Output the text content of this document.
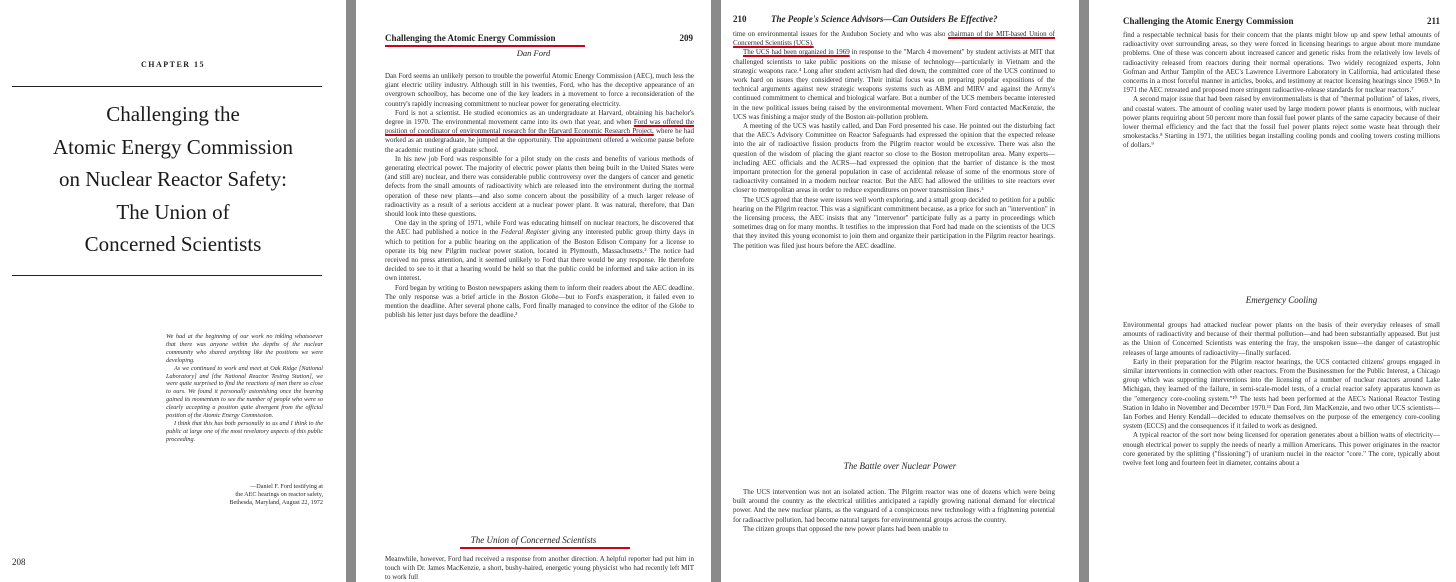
CHAPTER 15
Challenging the
Atomic Energy Commission
on Nuclear Reactor Safety:
The Union of
Concerned Scientists

We had at the beginning of our work no inkling whatsoever that there was anyone within the depths of the nuclear community who shared anything like the positions we were developing.

As we continued to work and meet at Oak Ridge [National Laboratory] and [the National Reactor Testing Station], we were quite surprised to find the reactions of men there so close to ours. We found it personally astonishing once the hearing gained its momentum to see the number of people who were so clearly accepting a position quite divergent from the official position of the Atomic Energy Commission.

I think that this has both personally to us and I think to the public at large one of the most revelatory aspects of this public proceeding.

—Daniel F. Ford testifying at
the AEC hearings on reactor safety,
Bethesda, Maryland, August 22, 1972
208
Challenging the Atomic Energy Commission	209
Dan Ford

Dan Ford seems an unlikely person to trouble the powerful Atomic Energy Commission (AEC), much less the giant electric utility industry. Although still in his twenties, Ford, who has the deceptive appearance of an overgrown schoolboy, has become one of the key leaders in a movement to force a reconsideration of the country's rapidly increasing commitment to nuclear power for generating electricity.

Ford is not a scientist. He studied economics as an undergraduate at Harvard, obtaining his bachelor's degree in 1970. The environmental movement came into its own that year, and when Ford was offered the position of coordinator of environmental research for the Harvard Economic Research Project, where he had worked as an undergraduate, he jumped at the opportunity. The appointment offered a welcome pause before the academic routine of graduate school.

In his new job Ford was responsible for a pilot study on the costs and benefits of various methods of generating electrical power. The majority of electric power plants then being built in the United States were (and still are) nuclear, and there was considerable public controversy over the dangers of cancer and genetic defects from the small amounts of radioactivity which are released into the environment during the normal operation of these new plants—and also some concern about the possibility of a much larger release of radioactivity as a result of a serious accident at a nuclear power plant. It was natural, therefore, that Dan should look into these questions.

One day in the spring of 1971, while Ford was educating himself on nuclear reactors, he discovered that the AEC had published a notice in the Federal Register giving any interested public group thirty days in which to petition for a public hearing on the application of the Boston Edison Company for a license to operate its big new Pilgrim nuclear power station, located in Plymouth, Massachusetts.² The notice had received no press attention, and it seemed unlikely to Ford that there would be any response. He therefore decided to see to it that a hearing would be held so that the public could be informed and take action in its own interest.

Ford began by writing to Boston newspapers asking them to inform their readers about the AEC deadline. The only response was a brief article in the Boston Globe—but to Ford's exasperation, it failed even to mention the deadline. After several phone calls, Ford finally managed to convince the editor of the Globe to publish his letter just days before the deadline.³

The Union of Concerned Scientists

Meanwhile, however, Ford had received a response from another direction. A helpful reporter had put him in touch with Dr. James MacKenzie, a short, bushy-haired, energetic young physicist who had recently left MIT to work full

210	The People's Science Advisors—Can Outsiders Be Effective?

time on environmental issues for the Audubon Society and who was also chairman of the MIT-based Union of Concerned Scientists (UCS).

The UCS had been organized in 1969 in response to the "March 4 movement" by student activists at MIT that challenged scientists to take public positions on the misuse of technology—particularly in Vietnam and the strategic weapons race.⁴ Long after student activism had died down, the committed core of the UCS continued to work hard on issues they considered timely. Their initial focus was on preparing popular expositions of the technical arguments against new strategic weapons systems such as ABM and MIRV and against the Army's continued commitment to chemical and biological warfare. But a number of the UCS members became interested in the new political issues being raised by the environmental movement. When Ford contacted MacKenzie, the UCS was finishing a major study of the Boston air-pollution problem.

A meeting of the UCS was hastily called, and Dan Ford presented his case. He pointed out the disturbing fact that the AEC's Advisory Committee on Reactor Safeguards had expressed the opinion that the expected release into the air of radioactive fission products from the Pilgrim reactor would be excessive. There was also the question of the wisdom of placing the giant reactor so close to the Boston metropolitan area. Many experts—including AEC officials and the ACRS—had expressed the opinion that the barrier of distance is the most important protection for the general population in case of accidental release of some of the enormous store of radioactivity contained in a modern nuclear reactor. But the AEC had allowed the utilities to site reactors ever closer to metropolitan areas in order to reduce expenditures on power transmission lines.⁵

The UCS agreed that these were issues well worth exploring, and a small group decided to petition for a public hearing on the Pilgrim reactor. This was a significant commitment because, as a price for such an "intervention" in the licensing process, the AEC insists that any "intervenor" participate fully as a party in proceedings which sometimes drag on for many months. It testifies to the impression that Ford had made on the scientists of the UCS that they invited this young economist to join them and organize their participation in the Pilgrim reactor hearings. The petition was filed just hours before the AEC deadline.

The Battle over Nuclear Power

The UCS intervention was not an isolated action. The Pilgrim reactor was one of dozens which were being built around the country as the electrical utilities anticipated a rapidly growing national demand for electrical power. And the new nuclear plants, as the vanguard of a conspicuous new technology with a frightening potential for radioactive pollution, had become natural targets for environmental groups across the country.

The citizen groups that opposed the new power plants had been unable to

Challenging the Atomic Energy Commission	211

find a respectable technical basis for their concern that the plants might blow up and spew lethal amounts of radioactivity over surrounding areas, so they were forced in licensing hearings to argue about more mundane problems. One of these was concern about increased cancer and genetic risks from the relatively low levels of radioactivity released from reactors during their normal operations. Two widely recognized experts, John Gofman and Arthur Tamplin of the AEC's Lawrence Livermore Laboratory in California, had articulated these concerns in a most forceful manner in articles, books, and testimony at reactor licensing hearings since 1969.⁶ In 1971 the AEC retreated and proposed more stringent radioactive-release standards for nuclear reactors.⁷

A second major issue that had been raised by environmentalists is that of "thermal pollution" of lakes, rivers, and coastal waters. The amount of cooling water used by large modern power plants is enormous, with nuclear power plants requiring about 50 percent more than fossil fuel power plants of the same capacity because of their lower thermal efficiency and the fact that the fossil fuel power plants reject some waste heat through their smokestacks.⁸ Starting in 1971, the utilities began installing cooling ponds and cooling towers costing millions of dollars.⁹

Emergency Cooling

Environmental groups had attacked nuclear power plants on the basis of their everyday releases of small amounts of radioactivity and because of their thermal pollution—and had been substantially appeased. But just as the Union of Concerned Scientists was entering the fray, the unspoken issue—the danger of catastrophic releases of large amounts of radioactivity—finally surfaced.

Early in their preparation for the Pilgrim reactor hearings, the UCS contacted citizens' groups engaged in similar interventions in connection with other reactors. From the Businessmen for the Public Interest, a Chicago group which was supporting interventions into the licensing of a number of nuclear reactors around Lake Michigan, they learned of the failure, in semi-scale-model tests, of a crucial reactor safety apparatus known as the "emergency core-cooling system."¹⁰ The tests had been performed at the AEC's National Reactor Testing Station in Idaho in November and December 1970.¹¹ Dan Ford, Jim MacKenzie, and two other UCS scientists—Ian Forbes and Henry Kendall—decided to educate themselves on the purpose of the emergency core-cooling system (ECCS) and the consequences if it failed to work as designed.

A typical reactor of the sort now being licensed for operation generates about a billion watts of electricity—enough electrical power to supply the needs of nearly a million Americans. This power originates in the reactor core generated by the splitting ("fissioning") of uranium nuclei in the reactor "core." The core, typically about twelve feet long and fourteen feet in diameter, contains about a
